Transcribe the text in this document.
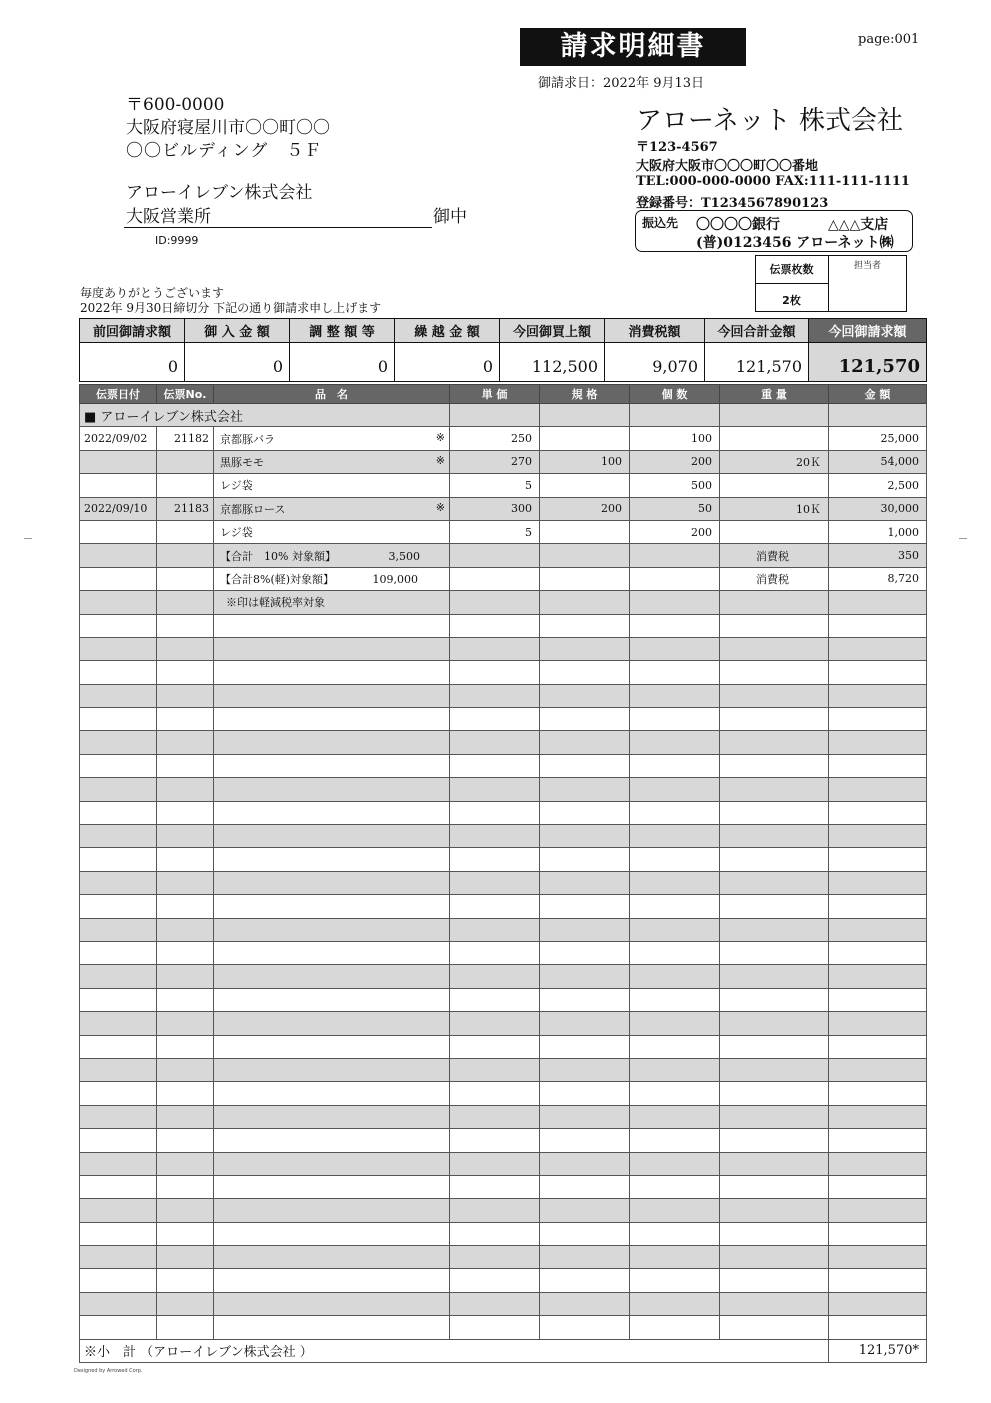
請求明細書	page:001
御請求日：2022年 9月13日
〒600-0000
大阪府寝屋川市〇〇町〇〇
〇〇ビルディング　５Ｆ
アローイレブン株式会社
大阪営業所	御中
ID:9999
アローネット 株式会社
〒123-4567
大阪府大阪市〇〇〇町〇〇番地
TEL:000-000-0000 FAX:111-111-1111
登録番号：T1234567890123
振込先 〇〇〇〇銀行	△△△支店
(普)0123456 アローネット㈱
伝票枚数
2枚
担当者
毎度ありがとうございます
2022年 9月30日締切分 下記の通り御請求申し上げます
前回御請求額	御 入 金 額	調 整 額 等	繰 越 金 額	今回御買上額	消費税額	今回合計金額	今回御請求額
0	0	0	0	112,500	9,070	121,570	121,570
伝票日付	伝票No.	品　名	単 価	規 格	個 数	重 量	金 額
■ アローイレブン株式会社							
2022/09/02	21182	京都豚バラ ※	250		100		25,000
		黒豚モモ ※	270	100	200	20Ｋ	54,000
		レジ袋	5		500		2,500
2022/09/10	21183	京都豚ロース ※	300	200	50	10Ｋ	30,000
		レジ袋	5		200		1,000
		【合計　10% 対象額】 3,500				消費税	350
		【合計8%(軽)対象額】 109,000				消費税	8,720
		※印は軽減税率対象					

※小　計 （アローイレブン株式会社 ）							121,570*
Designed by Arrowed Corp.
